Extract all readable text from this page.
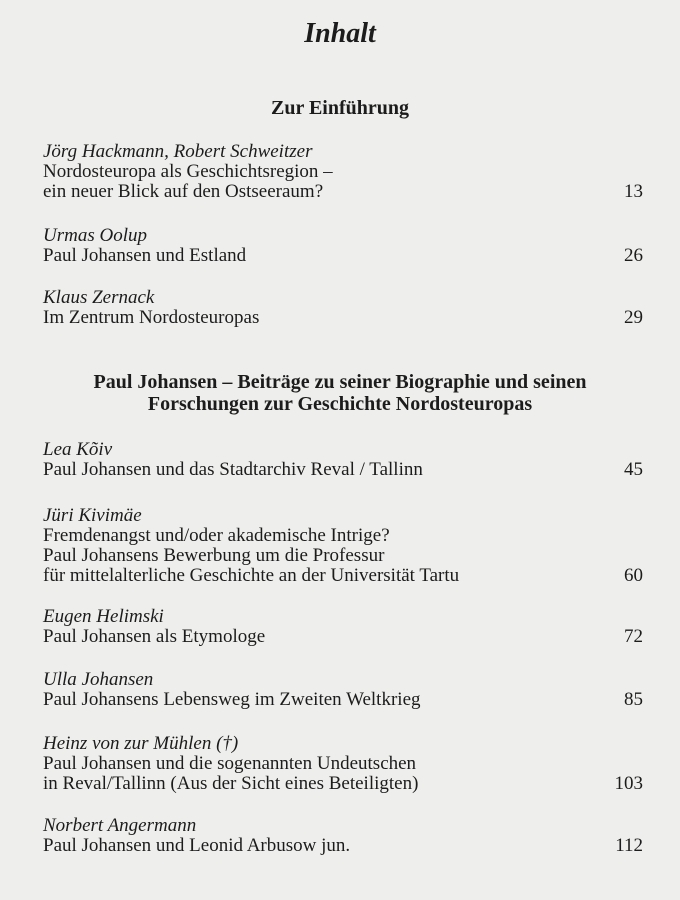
Inhalt
Zur Einführung
Jörg Hackmann, Robert Schweitzer
Nordosteuropa als Geschichtsregion –
ein neuer Blick auf den Ostseeraum?	13
Urmas Oolup
Paul Johansen und Estland	26
Klaus Zernack
Im Zentrum Nordosteuropas	29
Paul Johansen – Beiträge zu seiner Biographie und seinen
Forschungen zur Geschichte Nordosteuropas
Lea Kõiv
Paul Johansen und das Stadtarchiv Reval / Tallinn	45
Jüri Kivimäe
Fremdenangst und/oder akademische Intrige?
Paul Johansens Bewerbung um die Professur
für mittelalterliche Geschichte an der Universität Tartu	60
Eugen Helimski
Paul Johansen als Etymologe	72
Ulla Johansen
Paul Johansens Lebensweg im Zweiten Weltkrieg	85
Heinz von zur Mühlen (†)
Paul Johansen und die sogenannten Undeutschen
in Reval/Tallinn (Aus der Sicht eines Beteiligten)	103
Norbert Angermann
Paul Johansen und Leonid Arbusow jun.	112
